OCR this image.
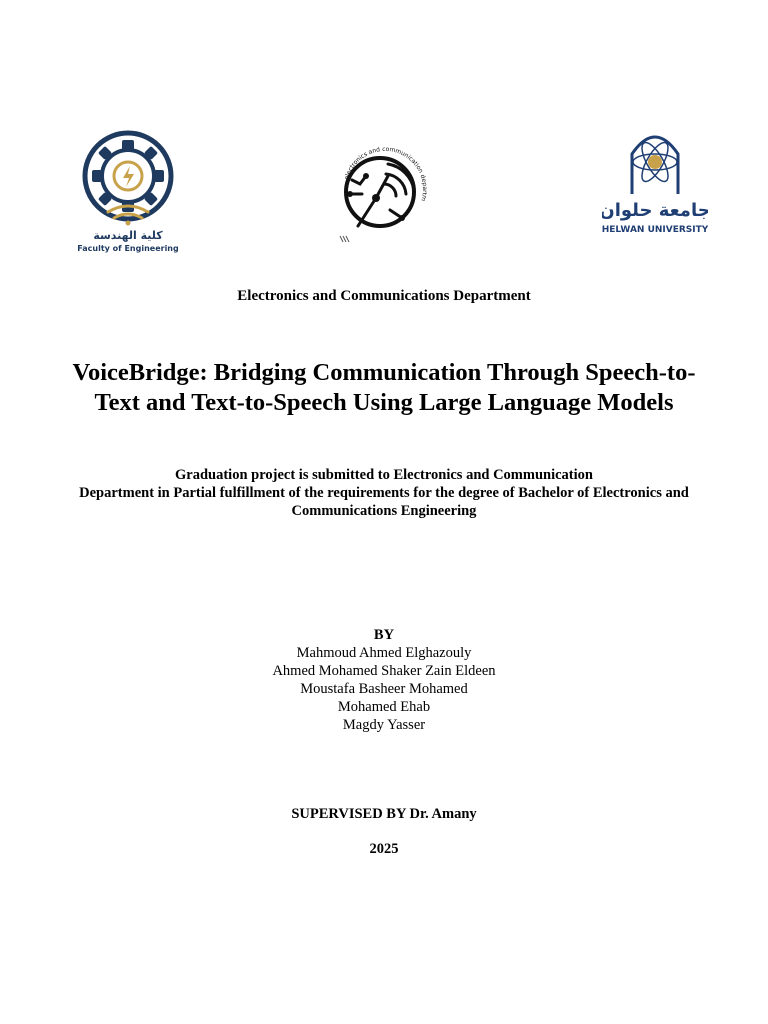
كلية الهندسة
Faculty of Engineering
electronics and communication departm
جامعة حلوان
HELWAN UNIVERSITY
Electronics and Communications Department
VoiceBridge: Bridging Communication Through Speech-to-Text and Text-to-Speech Using Large Language Models
Graduation project is submitted to Electronics and Communication
Department in Partial fulfillment of the requirements for the degree of Bachelor of Electronics and Communications Engineering
BY
Mahmoud Ahmed Elghazouly
Ahmed Mohamed Shaker Zain Eldeen
Moustafa Basheer Mohamed
Mohamed Ehab
Magdy Yasser
SUPERVISED BY Dr. Amany
2025
